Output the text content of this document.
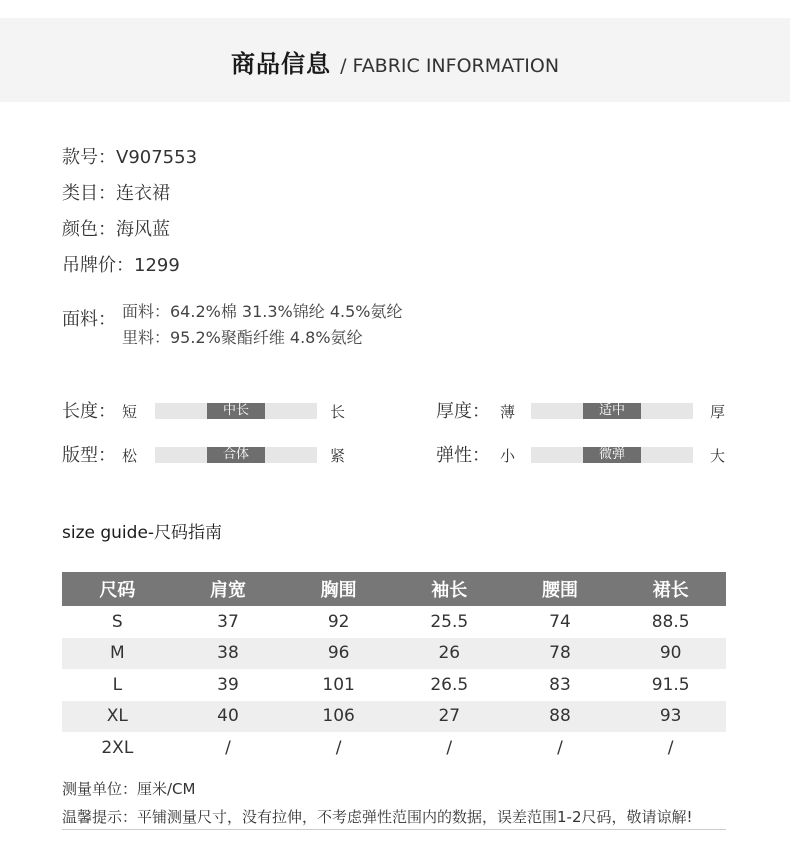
商品信息 / FABRIC INFORMATION
款号：V907553
类目：连衣裙
颜色：海风蓝
吊牌价：1299
面料： 面料：64.2%棉 31.3%锦纶 4.5%氨纶
里料：95.2%聚酯纤维 4.8%氨纶
长度： 短	中长	长	厚度： 薄	适中	厚
版型： 松	合体	紧	弹性： 小	微弹	大
size guide-尺码指南
尺码	肩宽	胸围	袖长	腰围	裙长
S	37	92	25.5	74	88.5
M	38	96	26	78	90
L	39	101	26.5	83	91.5
XL	40	106	27	88	93
2XL	/	/	/	/	/
测量单位：厘米/CM
温馨提示：平铺测量尺寸，没有拉伸，不考虑弹性范围内的数据，误差范围1-2尺码，敬请谅解!
